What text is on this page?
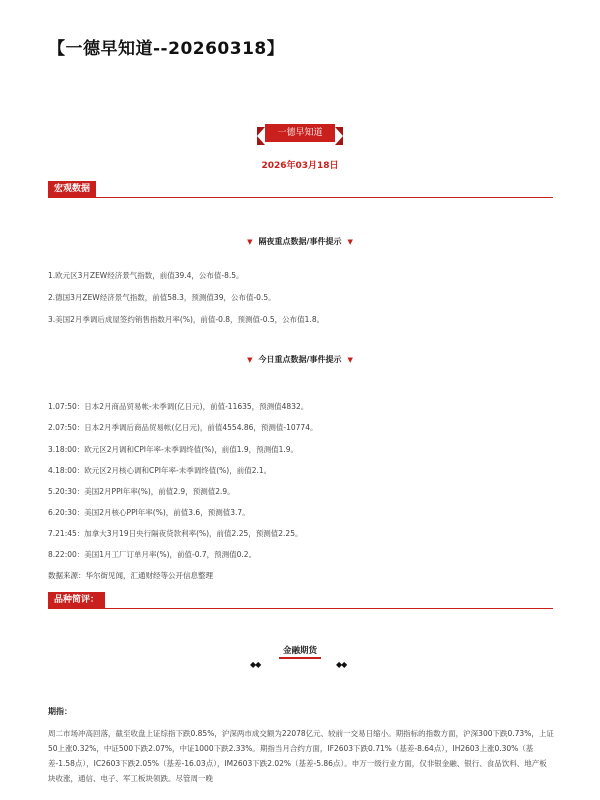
【一德早知道--20260318】
一德早知道
2026年03月18日
宏观数据
▼ 隔夜重点数据/事件提示 ▼
1.欧元区3月ZEW经济景气指数，前值39.4，公布值-8.5。
2.德国3月ZEW经济景气指数，前值58.3，预测值39，公布值-0.5。
3.美国2月季调后成屋签约销售指数月率(%)，前值-0.8，预测值-0.5，公布值1.8。
▼ 今日重点数据/事件提示 ▼
1.07:50：日本2月商品贸易帐-未季调(亿日元)，前值-11635，预测值4832。
2.07:50：日本2月季调后商品贸易帐(亿日元)，前值4554.86，预测值-10774。
3.18:00：欧元区2月调和CPI年率-未季调终值(%)，前值1.9，预测值1.9。
4.18:00：欧元区2月核心调和CPI年率-未季调终值(%)，前值2.1。
5.20:30：美国2月PPI年率(%)，前值2.9，预测值2.9。
6.20:30：美国2月核心PPI年率(%)，前值3.6，预测值3.7。
7.21:45：加拿大3月19日央行隔夜贷款利率(%)，前值2.25，预测值2.25。
8.22:00：美国1月工厂订单月率(%)，前值-0.7，预测值0.2。
数据来源：华尔街见闻，汇通财经等公开信息整理
品种简评：
金融期货
◆◆	◆◆
期指：
周二市场冲高回落，截至收盘上证综指下跌0.85%，沪深两市成交额为22078亿元、较前一交易日缩小。期指标的指数方面，沪深300下跌0.73%，上证50上涨0.32%，中证500下跌2.07%，中证1000下跌2.33%。期指当月合约方面，IF2603下跌0.71%（基差-8.64点），IH2603上涨0.30%（基差-1.58点），IC2603下跌2.05%（基差-16.03点），IM2603下跌2.02%（基差-5.86点）。申万一级行业方面，仅非银金融、银行、食品饮料、地产板块收涨，通信、电子、军工板块领跌。尽管周一晚
